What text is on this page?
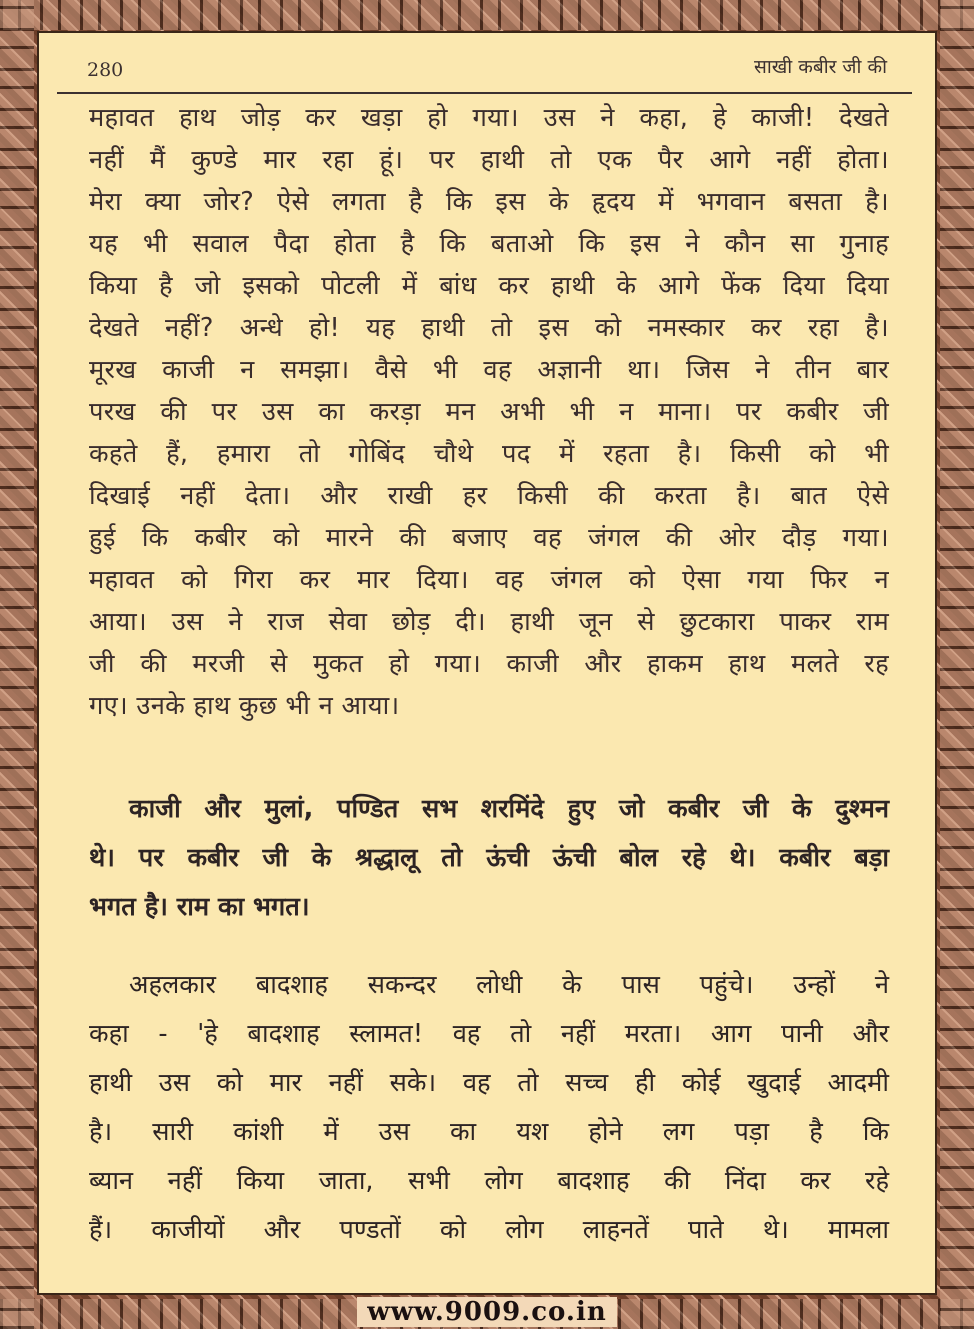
280	साखी कबीर जी की

महावत हाथ जोड़ कर खड़ा हो गया। उस ने कहा, हे काजी! देखते
नहीं मैं कुण्डे मार रहा हूं। पर हाथी तो एक पैर आगे नहीं होता।
मेरा क्या जोर? ऐसे लगता है कि इस के हृदय में भगवान बसता है।
यह भी सवाल पैदा होता है कि बताओ कि इस ने कौन सा गुनाह
किया है जो इसको पोटली में बांध कर हाथी के आगे फेंक दिया दिया
देखते नहीं? अन्धे हो! यह हाथी तो इस को नमस्कार कर रहा है।
मूरख काजी न समझा। वैसे भी वह अज्ञानी था। जिस ने तीन बार
परख की पर उस का करड़ा मन अभी भी न माना। पर कबीर जी
कहते हैं, हमारा तो गोबिंद चौथे पद में रहता है। किसी को भी
दिखाई नहीं देता। और राखी हर किसी की करता है। बात ऐसे
हुई कि कबीर को मारने की बजाए वह जंगल की ओर दौड़ गया।
महावत को गिरा कर मार दिया। वह जंगल को ऐसा गया फिर न
आया। उस ने राज सेवा छोड़ दी। हाथी जून से छुटकारा पाकर राम
जी की मरजी से मुकत हो गया। काजी और हाकम हाथ मलते रह
गए। उनके हाथ कुछ भी न आया।

काजी और मुलां, पण्डित सभ शरमिंदे हुए जो कबीर जी के दुश्मन
थे। पर कबीर जी के श्रद्धालू तो ऊंची ऊंची बोल रहे थे। कबीर बड़ा
भगत है। राम का भगत।
अहलकार बादशाह सकन्दर लोधी के पास पहुंचे। उन्हों ने
कहा - 'हे बादशाह स्लामत! वह तो नहीं मरता। आग पानी और
हाथी उस को मार नहीं सके। वह तो सच्च ही कोई खुदाई आदमी
है। सारी कांशी में उस का यश होने लग पड़ा है कि
ब्यान नहीं किया जाता, सभी लोग बादशाह की निंदा कर रहे
हैं। काजीयों और पण्डतों को लोग लाहनतें पाते थे। मामला
www.9009.co.in
